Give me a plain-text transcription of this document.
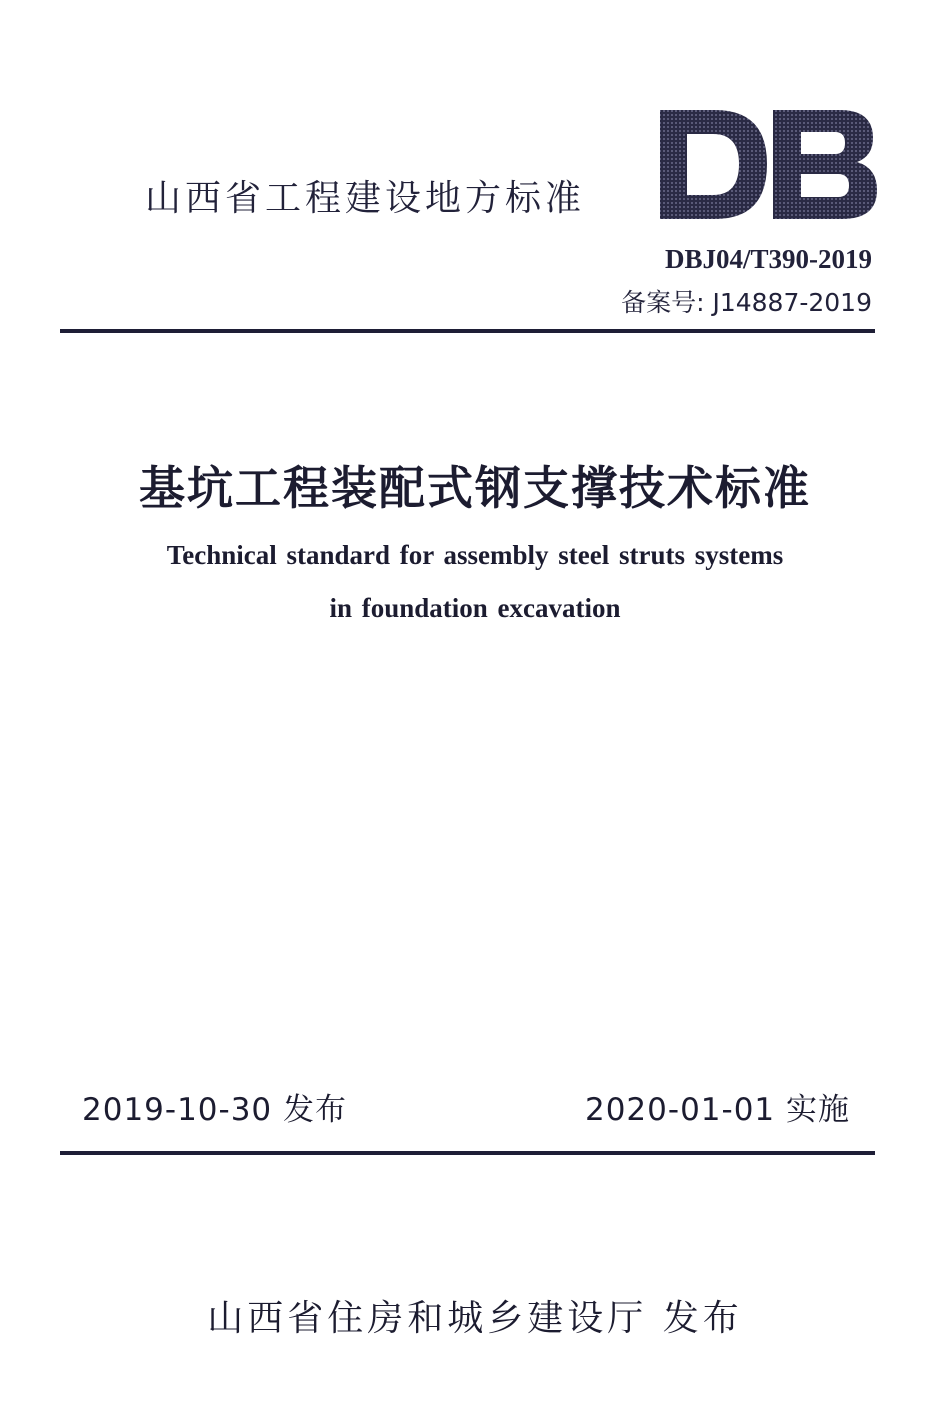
山西省工程建设地方标准
DBJ04/T390-2019
备案号: J14887-2019
基坑工程装配式钢支撑技术标准
Technical standard for assembly steel struts systems
in foundation excavation
2019-10-30 发布	2020-01-01 实施
山西省住房和城乡建设厅 发布
